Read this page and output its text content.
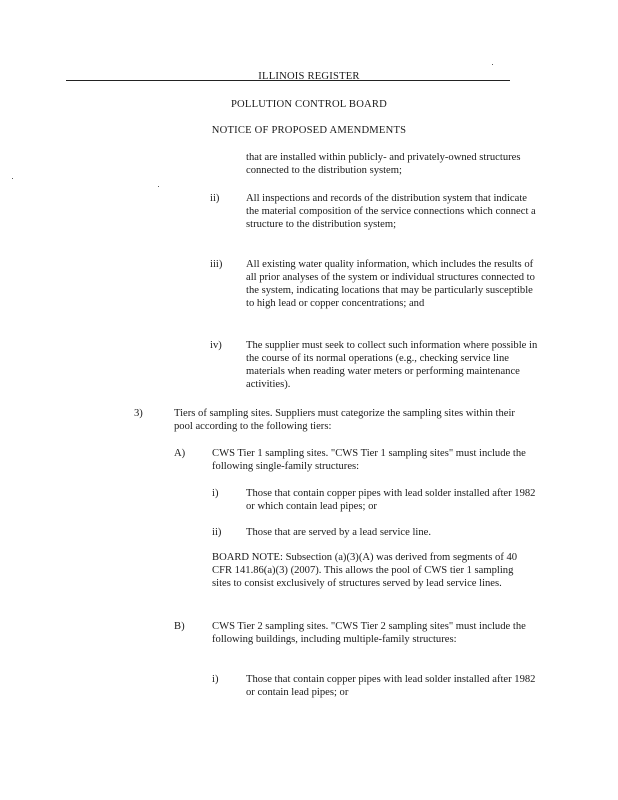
ILLINOIS REGISTER
POLLUTION CONTROL BOARD
NOTICE OF PROPOSED AMENDMENTS

that are installed within publicly- and privately-owned structures connected to the distribution system;

ii)	All inspections and records of the distribution system that indicate the material composition of the service connections which connect a structure to the distribution system;

iii) All existing water quality information, which includes the results of all prior analyses of the system or individual structures connected to the system, indicating locations that may be particularly susceptible to high lead or copper concentrations; and

iv) The supplier must seek to collect such information where possible in the course of its normal operations (e.g., checking service line materials when reading water meters or performing maintenance activities).

3)	Tiers of sampling sites. Suppliers must categorize the sampling sites within their pool according to the following tiers:

A)	CWS Tier 1 sampling sites. "CWS Tier 1 sampling sites" must include the following single-family structures:

i)	Those that contain copper pipes with lead solder installed after 1982 or which contain lead pipes; or

ii) Those that are served by a lead service line.

BOARD NOTE: Subsection (a)(3)(A) was derived from segments of 40 CFR 141.86(a)(3) (2007). This allows the pool of CWS tier 1 sampling sites to consist exclusively of structures served by lead service lines.

B)	CWS Tier 2 sampling sites. "CWS Tier 2 sampling sites" must include the following buildings, including multiple-family structures:

i)	Those that contain copper pipes with lead solder installed after 1982 or contain lead pipes; or
